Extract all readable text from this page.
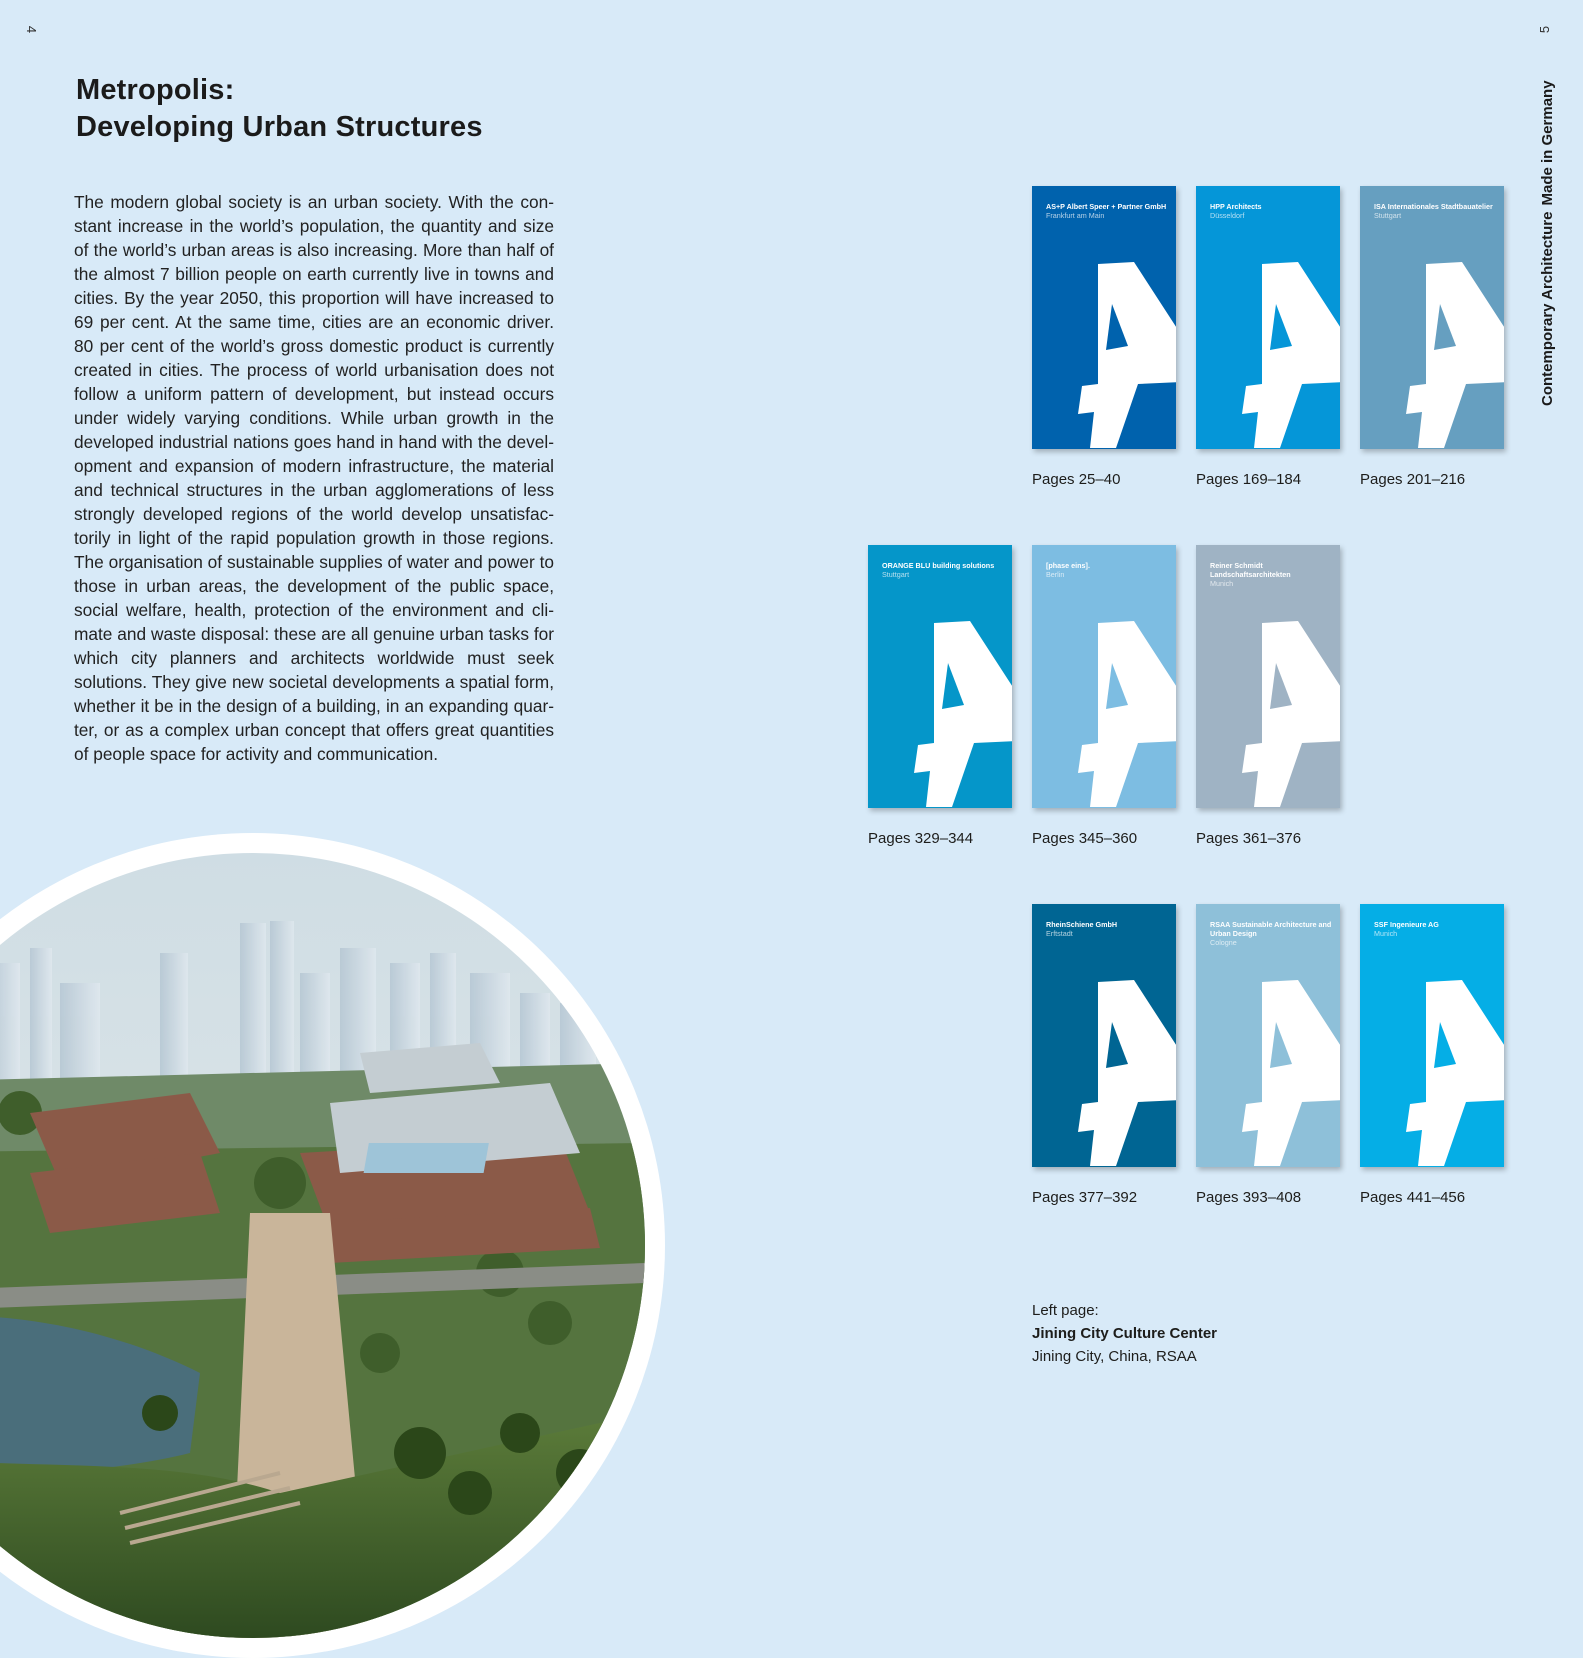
4	5
Contemporary ArchitectureMade in Germany
Metropolis:
Developing Urban Structures

The modern global society is an urban society. With the constant increase in the world’s population, the quantity and size of the world’s urban areas is also increasing. More than half of the almost 7 billion people on earth currently live in towns and cities. By the year 2050, this proportion will have increased to 69 per cent. At the same time, cities are an economic driver. 80 per cent of the world’s gross domestic product is currently created in cities. The process of world urbanisation does not follow a uniform pattern of development, but instead occurs under widely varying conditions. While urban growth in the developed industrial nations goes hand in hand with the development and expansion of modern infrastructure, the material and technical structures in the urban agglomerations of less strongly developed regions of the world develop unsatisfactorily in light of the rapid population growth in those regions. The organisation of sustainable supplies of water and power to those in urban areas, the development of the public space, social welfare, health, protection of the environment and climate and waste disposal: these are all genuine urban tasks for which city planners and architects worldwide must seek solutions. They give new societal developments a spatial form, whether it be in the design of a building, in an expanding quarter, or as a complex urban concept that offers great quantities of people space for activity and communication.

AS+P Albert Speer + Partner GmbH
Frankfurt am Main
Pages 25–40
HPP Architects
Düsseldorf
Pages 169–184
ISA Internationales Stadtbauatelier
Stuttgart
Pages 201–216
ORANGE BLU building solutions
Stuttgart
Pages 329–344
[phase eins].
Berlin
Pages 345–360
Reiner Schmidt Landschaftsarchitekten
Munich
Pages 361–376
RheinSchiene GmbH
Erftstadt
Pages 377–392
RSAA Sustainable Architecture and Urban Design
Cologne
Pages 393–408
SSF Ingenieure AG
Munich
Pages 441–456
Left page:
Jining City Culture Center
Jining City, China, RSAA
